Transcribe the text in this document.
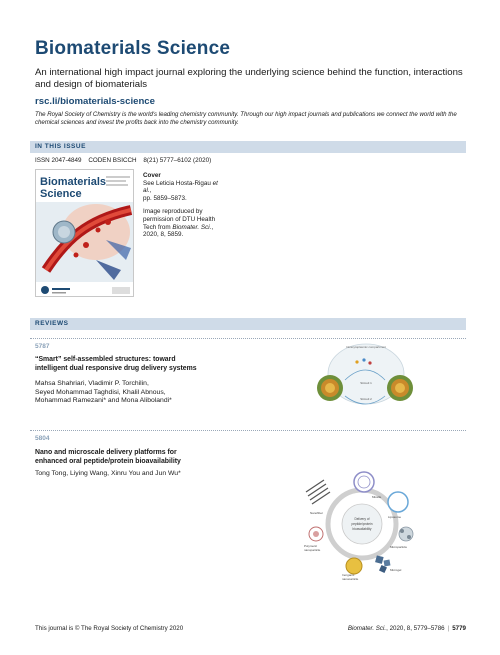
Biomaterials Science
An international high impact journal exploring the underlying science behind the function, interactions and design of biomaterials
rsc.li/biomaterials-science
The Royal Society of Chemistry is the world's leading chemistry community. Through our high impact journals and publications we connect the world with the chemical sciences and invest the profits back into the chemistry community.
IN THIS ISSUE
ISSN 2047-4849 CODEN BSICCH 8(21) 5777–6102 (2020)
Biomaterials
Science
Cover
See Leticia Hosta-Rigau et al.,
pp. 5859–5873.
Image reproduced by
permission of DTU Health
Tech from Biomater. Sci.,
2020, 8, 5859.
REVIEWS
5787
“Smart” self-assembled structures: toward
intelligent dual responsive drug delivery systems
Mahsa Shahriari, Vladimir P. Torchilin,
Seyed Mohammad Taghdisi, Khalil Abnous,
Mohammad Ramezani* and Mona Alibolandi*
Intracytoplasmic compartment
Stimuli 1
Stimuli 2
5804
Nano and microscale delivery platforms for
enhanced oral peptide/protein bioavailability
Tong Tong, Liying Wang, Xinru You and Jun Wu*
Delivery of
peptide/protein
bioavailability
Micelle
Liposome
Nanofiber
Microparticle
Polymeric
nanoparticle
Inorganic
nanoparticle
Microgel
This journal is © The Royal Society of Chemistry 2020	Biomater. Sci., 2020, 8, 5779–5786 | 5779
